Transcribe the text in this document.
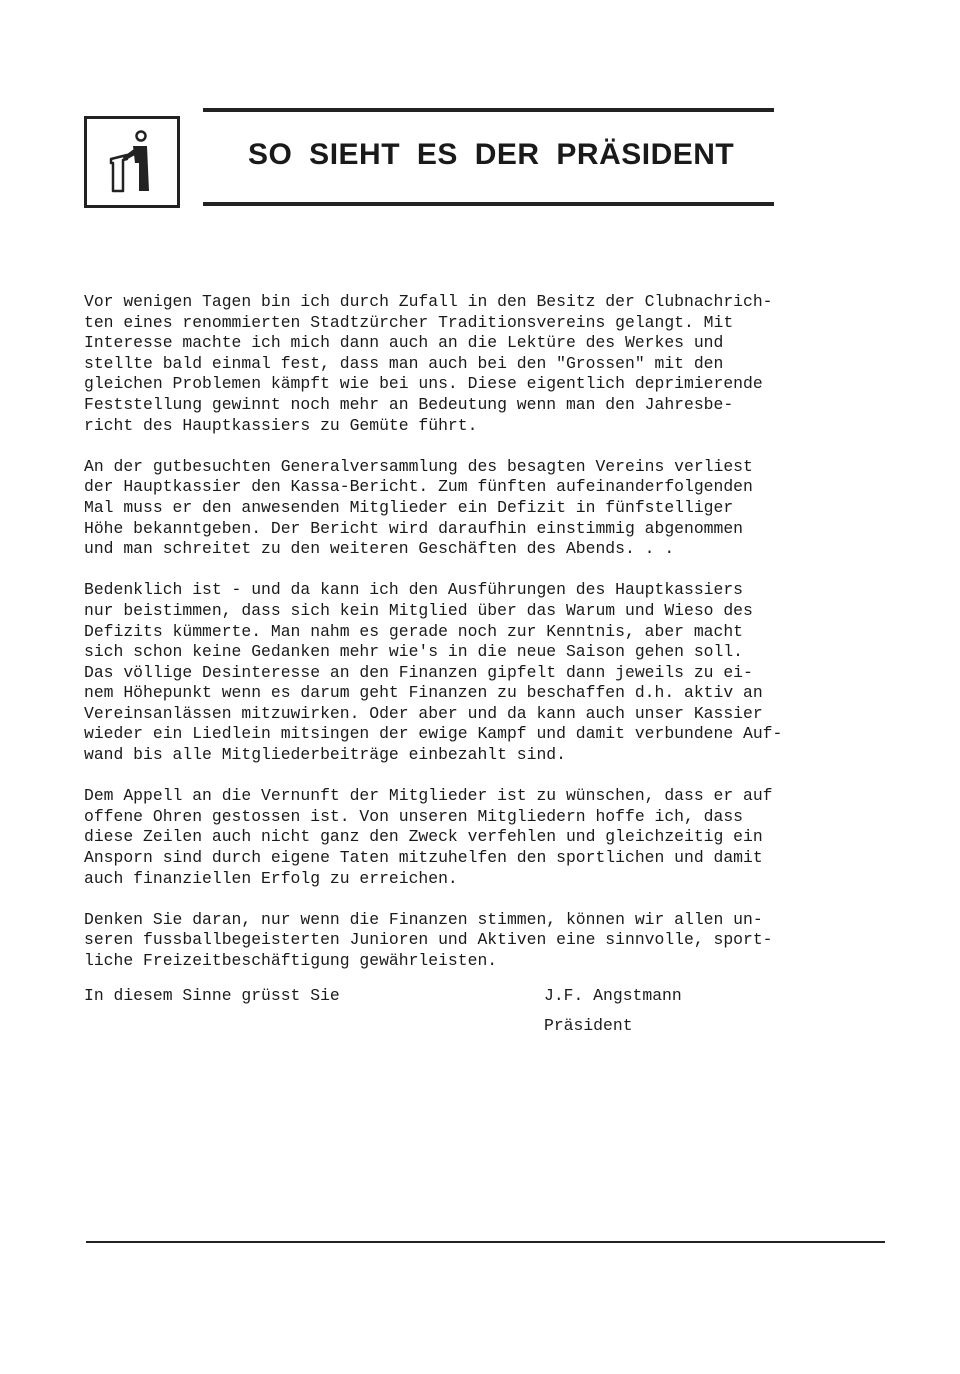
SO SIEHT ES DER PRÄSIDENT

Vor wenigen Tagen bin ich durch Zufall in den Besitz der Clubnachrich-
ten eines renommierten Stadtzürcher Traditionsvereins gelangt. Mit
Interesse machte ich mich dann auch an die Lektüre des Werkes und
stellte bald einmal fest, dass man auch bei den "Grossen" mit den
gleichen Problemen kämpft wie bei uns. Diese eigentlich deprimierende
Feststellung gewinnt noch mehr an Bedeutung wenn man den Jahresbe-
richt des Hauptkassiers zu Gemüte führt.

An der gutbesuchten Generalversammlung des besagten Vereins verliest
der Hauptkassier den Kassa-Bericht. Zum fünften aufeinanderfolgenden
Mal muss er den anwesenden Mitglieder ein Defizit in fünfstelliger
Höhe bekanntgeben. Der Bericht wird daraufhin einstimmig abgenommen
und man schreitet zu den weiteren Geschäften des Abends. . .

Bedenklich ist - und da kann ich den Ausführungen des Hauptkassiers
nur beistimmen, dass sich kein Mitglied über das Warum und Wieso des
Defizits kümmerte. Man nahm es gerade noch zur Kenntnis, aber macht
sich schon keine Gedanken mehr wie's in die neue Saison gehen soll.
Das völlige Desinteresse an den Finanzen gipfelt dann jeweils zu ei-
nem Höhepunkt wenn es darum geht Finanzen zu beschaffen d.h. aktiv an
Vereinsanlässen mitzuwirken. Oder aber und da kann auch unser Kassier
wieder ein Liedlein mitsingen der ewige Kampf und damit verbundene Auf-
wand bis alle Mitgliederbeiträge einbezahlt sind.

Dem Appell an die Vernunft der Mitglieder ist zu wünschen, dass er auf
offene Ohren gestossen ist. Von unseren Mitgliedern hoffe ich, dass
diese Zeilen auch nicht ganz den Zweck verfehlen und gleichzeitig ein
Ansporn sind durch eigene Taten mitzuhelfen den sportlichen und damit
auch finanziellen Erfolg zu erreichen.

Denken Sie daran, nur wenn die Finanzen stimmen, können wir allen un-
seren fussballbegeisterten Junioren und Aktiven eine sinnvolle, sport-
liche Freizeitbeschäftigung gewährleisten.

In diesem Sinne grüsst Sie	J.F. Angstmann
Präsident
